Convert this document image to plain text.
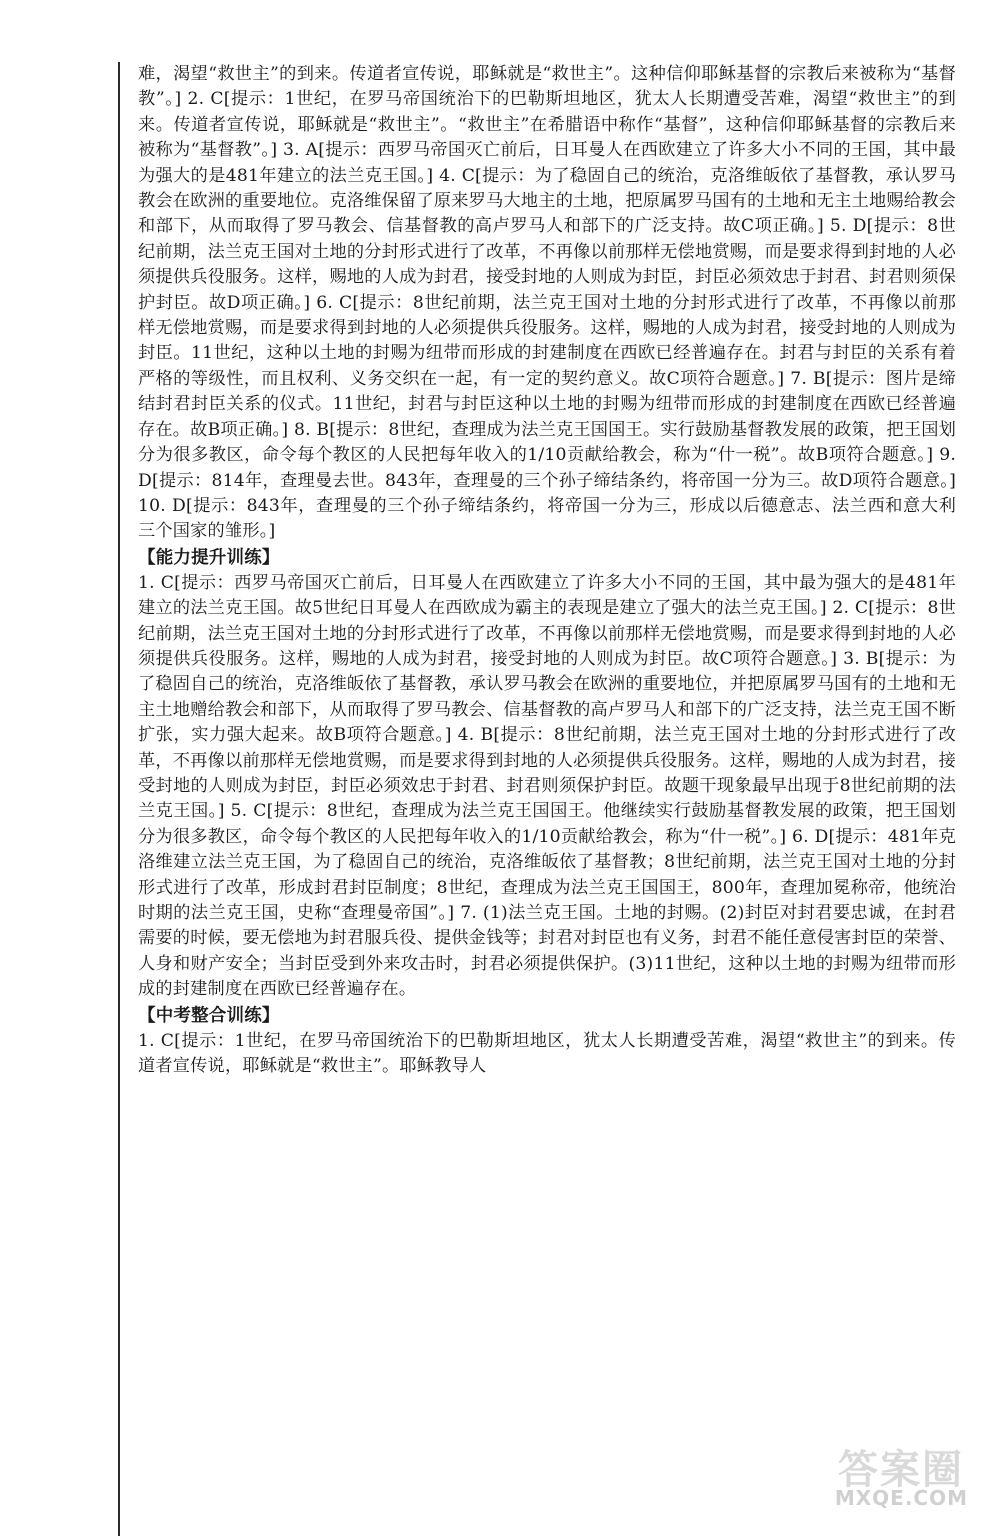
难，渴望“救世主”的到来。传道者宣传说，耶稣就是“救世主”。这种信仰耶稣基督的宗教后来被称为“基督教”。] 2. C[提示：1世纪，在罗马帝国统治下的巴勒斯坦地区，犹太人长期遭受苦难，渴望“救世主”的到来。传道者宣传说，耶稣就是“救世主”。“救世主”在希腊语中称作“基督”，这种信仰耶稣基督的宗教后来被称为“基督教”。] 3. A[提示：西罗马帝国灭亡前后，日耳曼人在西欧建立了许多大小不同的王国，其中最为强大的是481年建立的法兰克王国。] 4. C[提示：为了稳固自己的统治，克洛维皈依了基督教，承认罗马教会在欧洲的重要地位。克洛维保留了原来罗马大地主的土地，把原属罗马国有的土地和无主土地赐给教会和部下，从而取得了罗马教会、信基督教的高卢罗马人和部下的广泛支持。故C项正确。] 5. D[提示：8世纪前期，法兰克王国对土地的分封形式进行了改革，不再像以前那样无偿地赏赐，而是要求得到封地的人必须提供兵役服务。这样，赐地的人成为封君，接受封地的人则成为封臣，封臣必须效忠于封君、封君则须保护封臣。故D项正确。] 6. C[提示：8世纪前期，法兰克王国对土地的分封形式进行了改革，不再像以前那样无偿地赏赐，而是要求得到封地的人必须提供兵役服务。这样，赐地的人成为封君，接受封地的人则成为封臣。11世纪，这种以土地的封赐为纽带而形成的封建制度在西欧已经普遍存在。封君与封臣的关系有着严格的等级性，而且权利、义务交织在一起，有一定的契约意义。故C项符合题意。] 7. B[提示：图片是缔结封君封臣关系的仪式。11世纪，封君与封臣这种以土地的封赐为纽带而形成的封建制度在西欧已经普遍存在。故B项正确。] 8. B[提示：8世纪，查理成为法兰克王国国王。实行鼓励基督教发展的政策，把王国划分为很多教区，命令每个教区的人民把每年收入的1/10贡献给教会，称为“什一税”。故B项符合题意。] 9. D[提示：814年，查理曼去世。843年，查理曼的三个孙子缔结条约，将帝国一分为三。故D项符合题意。] 10. D[提示：843年，查理曼的三个孙子缔结条约，将帝国一分为三，形成以后德意志、法兰西和意大利三个国家的雏形。]

【能力提升训练】

1. C[提示：西罗马帝国灭亡前后，日耳曼人在西欧建立了许多大小不同的王国，其中最为强大的是481年建立的法兰克王国。故5世纪日耳曼人在西欧成为霸主的表现是建立了强大的法兰克王国。] 2. C[提示：8世纪前期，法兰克王国对土地的分封形式进行了改革，不再像以前那样无偿地赏赐，而是要求得到封地的人必须提供兵役服务。这样，赐地的人成为封君，接受封地的人则成为封臣。故C项符合题意。] 3. B[提示：为了稳固自己的统治，克洛维皈依了基督教，承认罗马教会在欧洲的重要地位，并把原属罗马国有的土地和无主土地赠给教会和部下，从而取得了罗马教会、信基督教的高卢罗马人和部下的广泛支持，法兰克王国不断扩张，实力强大起来。故B项符合题意。] 4. B[提示：8世纪前期，法兰克王国对土地的分封形式进行了改革，不再像以前那样无偿地赏赐，而是要求得到封地的人必须提供兵役服务。这样，赐地的人成为封君，接受封地的人则成为封臣，封臣必须效忠于封君、封君则须保护封臣。故题干现象最早出现于8世纪前期的法兰克王国。] 5. C[提示：8世纪，查理成为法兰克王国国王。他继续实行鼓励基督教发展的政策，把王国划分为很多教区，命令每个教区的人民把每年收入的1/10贡献给教会，称为“什一税”。] 6. D[提示：481年克洛维建立法兰克王国，为了稳固自己的统治，克洛维皈依了基督教；8世纪前期，法兰克王国对土地的分封形式进行了改革，形成封君封臣制度；8世纪，查理成为法兰克王国国王，800年，查理加冕称帝，他统治时期的法兰克王国，史称“查理曼帝国”。] 7. (1)法兰克王国。土地的封赐。(2)封臣对封君要忠诚，在封君需要的时候，要无偿地为封君服兵役、提供金钱等；封君对封臣也有义务，封君不能任意侵害封臣的荣誉、人身和财产安全；当封臣受到外来攻击时，封君必须提供保护。(3)11世纪，这种以土地的封赐为纽带而形成的封建制度在西欧已经普遍存在。

【中考整合训练】

1. C[提示：1世纪，在罗马帝国统治下的巴勒斯坦地区，犹太人长期遭受苦难，渴望“救世主”的到来。传道者宣传说，耶稣就是“救世主”。耶稣教导人

答案圈
MXQE.COM
